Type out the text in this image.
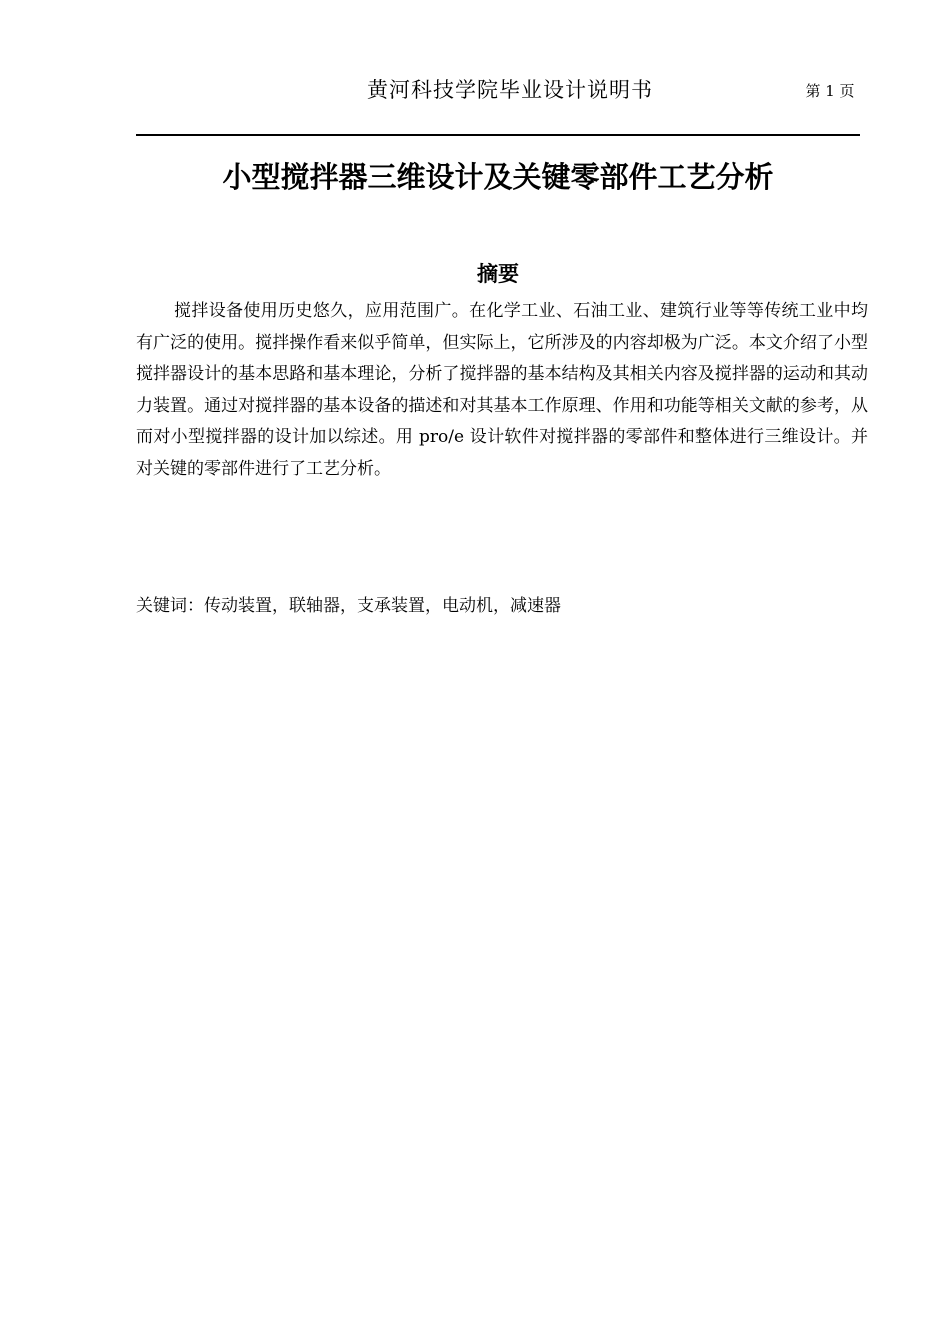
黄河科技学院毕业设计说明书	第 1 页
小型搅拌器三维设计及关键零部件工艺分析
摘要

搅拌设备使用历史悠久，应用范围广。在化学工业、石油工业、建筑行业等等传统工业中均有广泛的使用。搅拌操作看来似乎简单，但实际上，它所涉及的内容却极为广泛。本文介绍了小型搅拌器设计的基本思路和基本理论，分析了搅拌器的基本结构及其相关内容及搅拌器的运动和其动力装置。通过对搅拌器的基本设备的描述和对其基本工作原理、作用和功能等相关文献的参考，从而对小型搅拌器的设计加以综述。用 pro/e 设计软件对搅拌器的零部件和整体进行三维设计。并对关键的零部件进行了工艺分析。

关键词：传动装置，联轴器，支承装置，电动机，减速器
